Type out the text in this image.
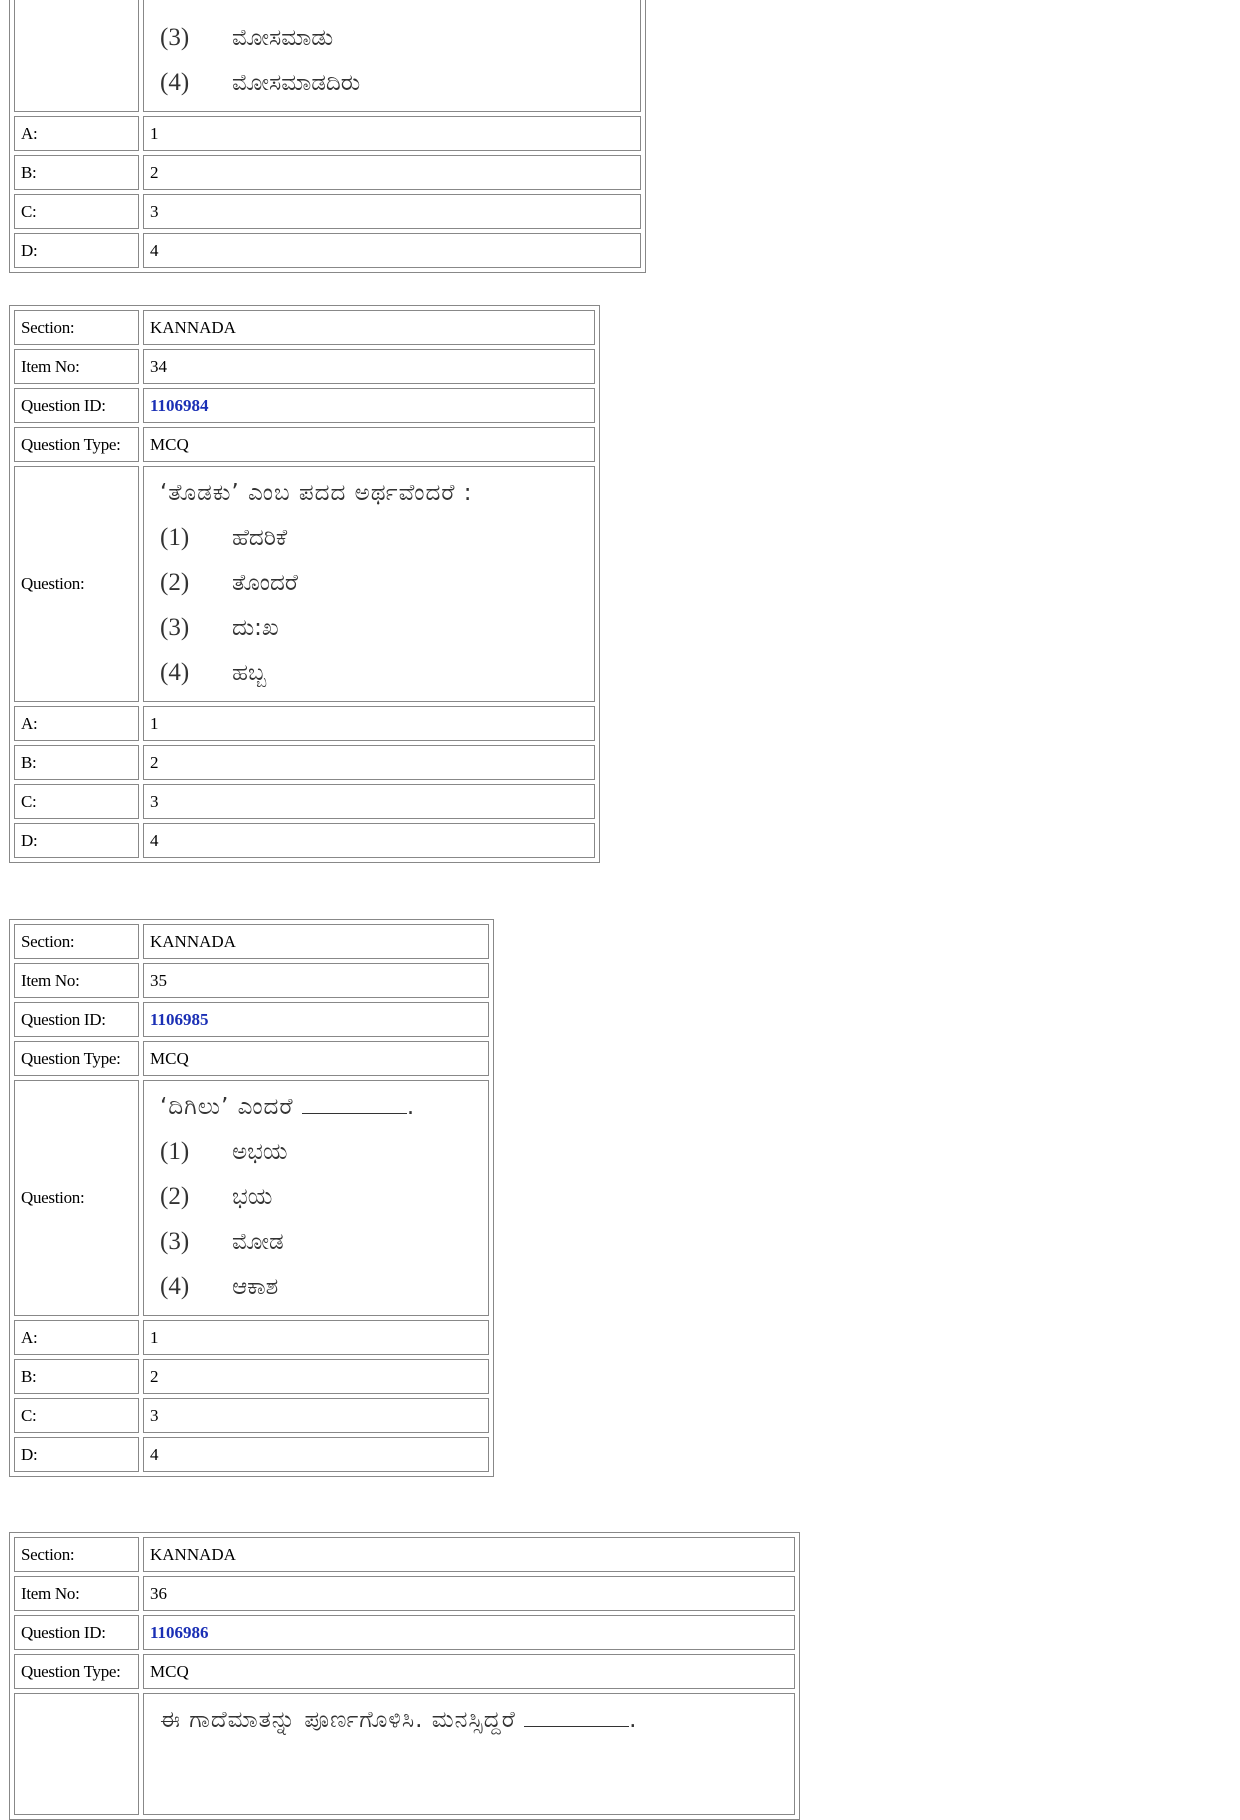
	(3) ಮೋಸಮಾಡು
(4) ಮೋಸಮಾಡದಿರು

A:	1
B:	2
C:	3
D:	4
Section:	KANNADA
Item No:	34
Question ID:	1106984
Question Type:	MCQ
Question:	‘ತೊಡಕು’ ಎಂಬ ಪದದ ಅರ್ಥವೆಂದರೆ :
(1) ಹೆದರಿಕೆ
(2) ತೊಂದರೆ
(3) ದು:ಖ
(4) ಹಬ್ಬ

A:	1
B:	2
C:	3
D:	4
Section:	KANNADA
Item No:	35
Question ID:	1106985
Question Type:	MCQ
Question:	‘ದಿಗಿಲು’ ಎಂದರೆ .
(1) ಅಭಯ
(2) ಭಯ
(3) ಮೋಡ
(4) ಆಕಾಶ

A:	1
B:	2
C:	3
D:	4
Section:	KANNADA
Item No:	36
Question ID:	1106986
Question Type:	MCQ

	ಈ ಗಾದೆಮಾತನ್ನು ಪೂರ್ಣಗೊಳಿಸಿ. ಮನಸ್ಸಿದ್ದರೆ .
